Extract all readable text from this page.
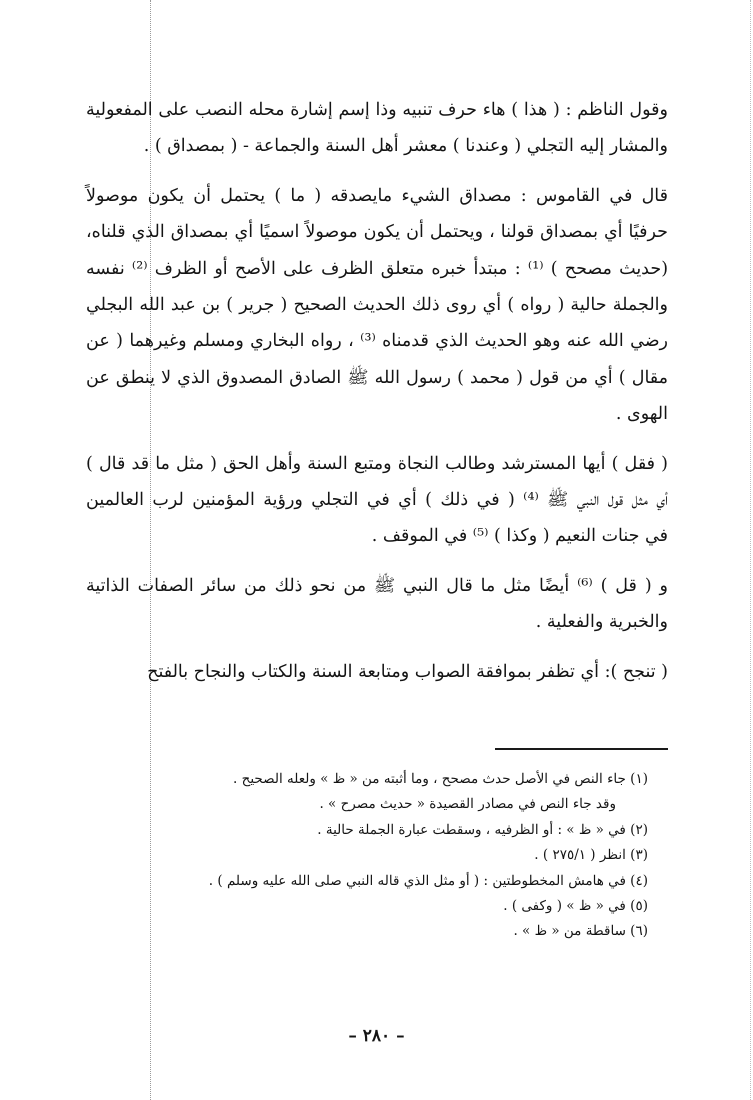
وقول الناظم : ( هذا ) هاء حرف تنبيه وذا إسم إشارة محله النصب على المفعولية
والمشار إليه التجلي ( وعندنا ) معشر أهل السنة والجماعة - ( بمصداق ) .
قال في القاموس : مصداق الشيء مايصدقه ( ما ) يحتمل أن يكون موصولاً
حرفيًا أي بمصداق قولنا ، ويحتمل أن يكون موصولاً اسميًا أي بمصداق الذي قلناه،
(حديث مصحح ) ⁽¹⁾ : مبتدأ خبره متعلق الظرف على الأصح أو الظرف ⁽²⁾ نفسه
والجملة حالية ( رواه ) أي روى ذلك الحديث الصحيح ( جرير ) بن عبد الله البجلي
رضي الله عنه وهو الحديث الذي قدمناه ⁽³⁾ ، رواه البخاري ومسلم وغيرهما ( عن
مقال ) أي من قول ( محمد ) رسول الله ﷺ الصادق المصدوق الذي لا ينطق عن
الهوى .
( فقل ) أيها المسترشد وطالب النجاة ومتبع السنة وأهل الحق ( مثل ما قد قال )
أي مثل قول النبي ﷺ ⁽⁴⁾ ( في ذلك ) أي في التجلي ورؤية المؤمنين لرب العالمين
في جنات النعيم ( وكذا ) ⁽⁵⁾ في الموقف .
و ( قل ) ⁽⁶⁾ أيضًا مثل ما قال النبي ﷺ من نحو ذلك من سائر الصفات الذاتية
والخبرية والفعلية .
( تنجح ): أي تظفر بموافقة الصواب ومتابعة السنة والكتاب والنجاح بالفتح
(١) جاء النص في الأصل حدث مصحح ، وما أثبته من « ظ » ولعله الصحيح .
وقد جاء النص في مصادر القصيدة « حديث مصرح » .
(٢) في « ظ » : أو الظرفيه ، وسقطت عبارة الجملة حالية .
(٣) انظر ( ٢٧٥/١ ) .
(٤) في هامش المخطوطتين : ( أو مثل الذي قاله النبي صلى الله عليه وسلم ) .
(٥) في « ظ » ( وكفى ) .
(٦) ساقطة من « ظ » .
– ٢٨٠ –
